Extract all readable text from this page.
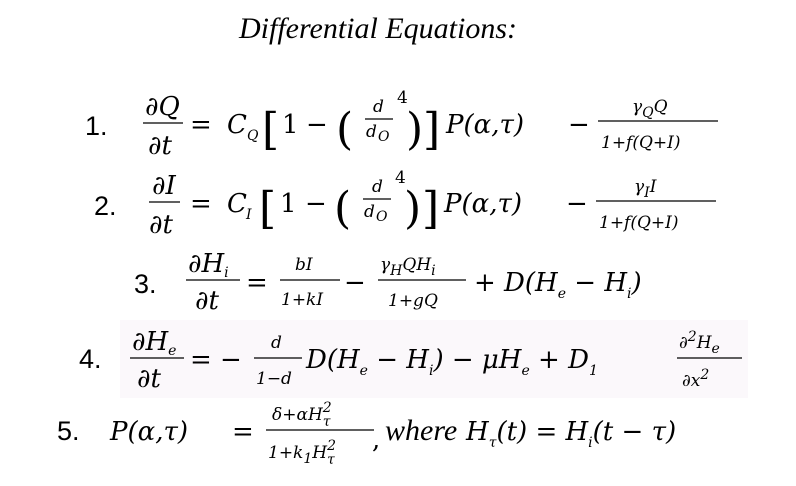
Differential Equations:
1.
∂Q
∂t
= C Q [ 1 − ( d
d O
4
) ] P(α,τ) −
$\gamma_QQ$
1+f(Q+I)
2.
∂I
∂t
= C I [ 1 − ( d
d O
4
) ] P(α,τ) −
$\gamma_II$
1+f(Q+I)
3.
∂Hi
∂t
=
bI
1+kI
−
$\gamma_HQH_i$
1+gQ
+ $D(H_e - H_i)$
4.
∂He
∂t
= −
d
1−d
$D(H_e - H_i) - \mu H_e + D_1$
$\partial^2H_e$
$\partial x^2$
5. P(α,τ) =
$\delta+\alpha H^2$ τ
$1+k_1H^2$ τ
, where $H_\tau(t) = H_i(t - \tau)$
